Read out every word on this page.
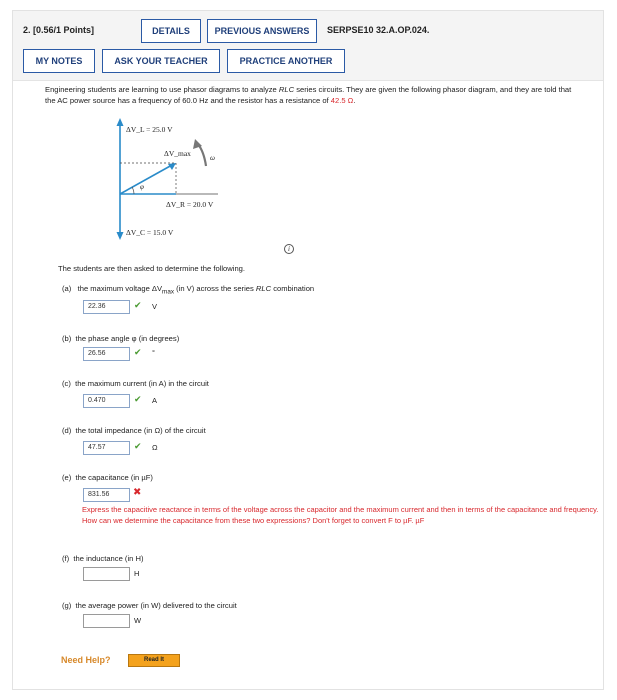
2. [0.56/1 Points]	DETAILS	PREVIOUS ANSWERS	SERPSE10 32.A.OP.024.
MY NOTES	ASK YOUR TEACHER	PRACTICE ANOTHER
Engineering students are learning to use phasor diagrams to analyze RLC series circuits. They are given the following phasor diagram, and they are told that the AC power source has a frequency of 60.0 Hz and the resistor has a resistance of 42.5 Ω.
ΔV_L = 25.0 V
ΔV_max	ω
φ
ΔV_R = 20.0 V
ΔV_C = 15.0 V
i
The students are then asked to determine the following.
(a) the maximum voltage $\Delta V_{max}$ (in V) across the series RLC combination
22.36	✔ V
(b) the phase angle φ (in degrees)
26.56	✔ °
(c) the maximum current (in A) in the circuit
0.470	✔ A
(d) the total impedance (in Ω) of the circuit
47.57	✔ Ω
(e) the capacitance (in µF)
831.56	✖
Express the capacitive reactance in terms of the voltage across the capacitor and the maximum current and then in terms of the capacitance and frequency. How can we determine the capacitance from these two expressions? Don't forget to convert F to µF. µF
(f) the inductance (in H)
H
(g) the average power (in W) delivered to the circuit
W
Need Help?	Read It
